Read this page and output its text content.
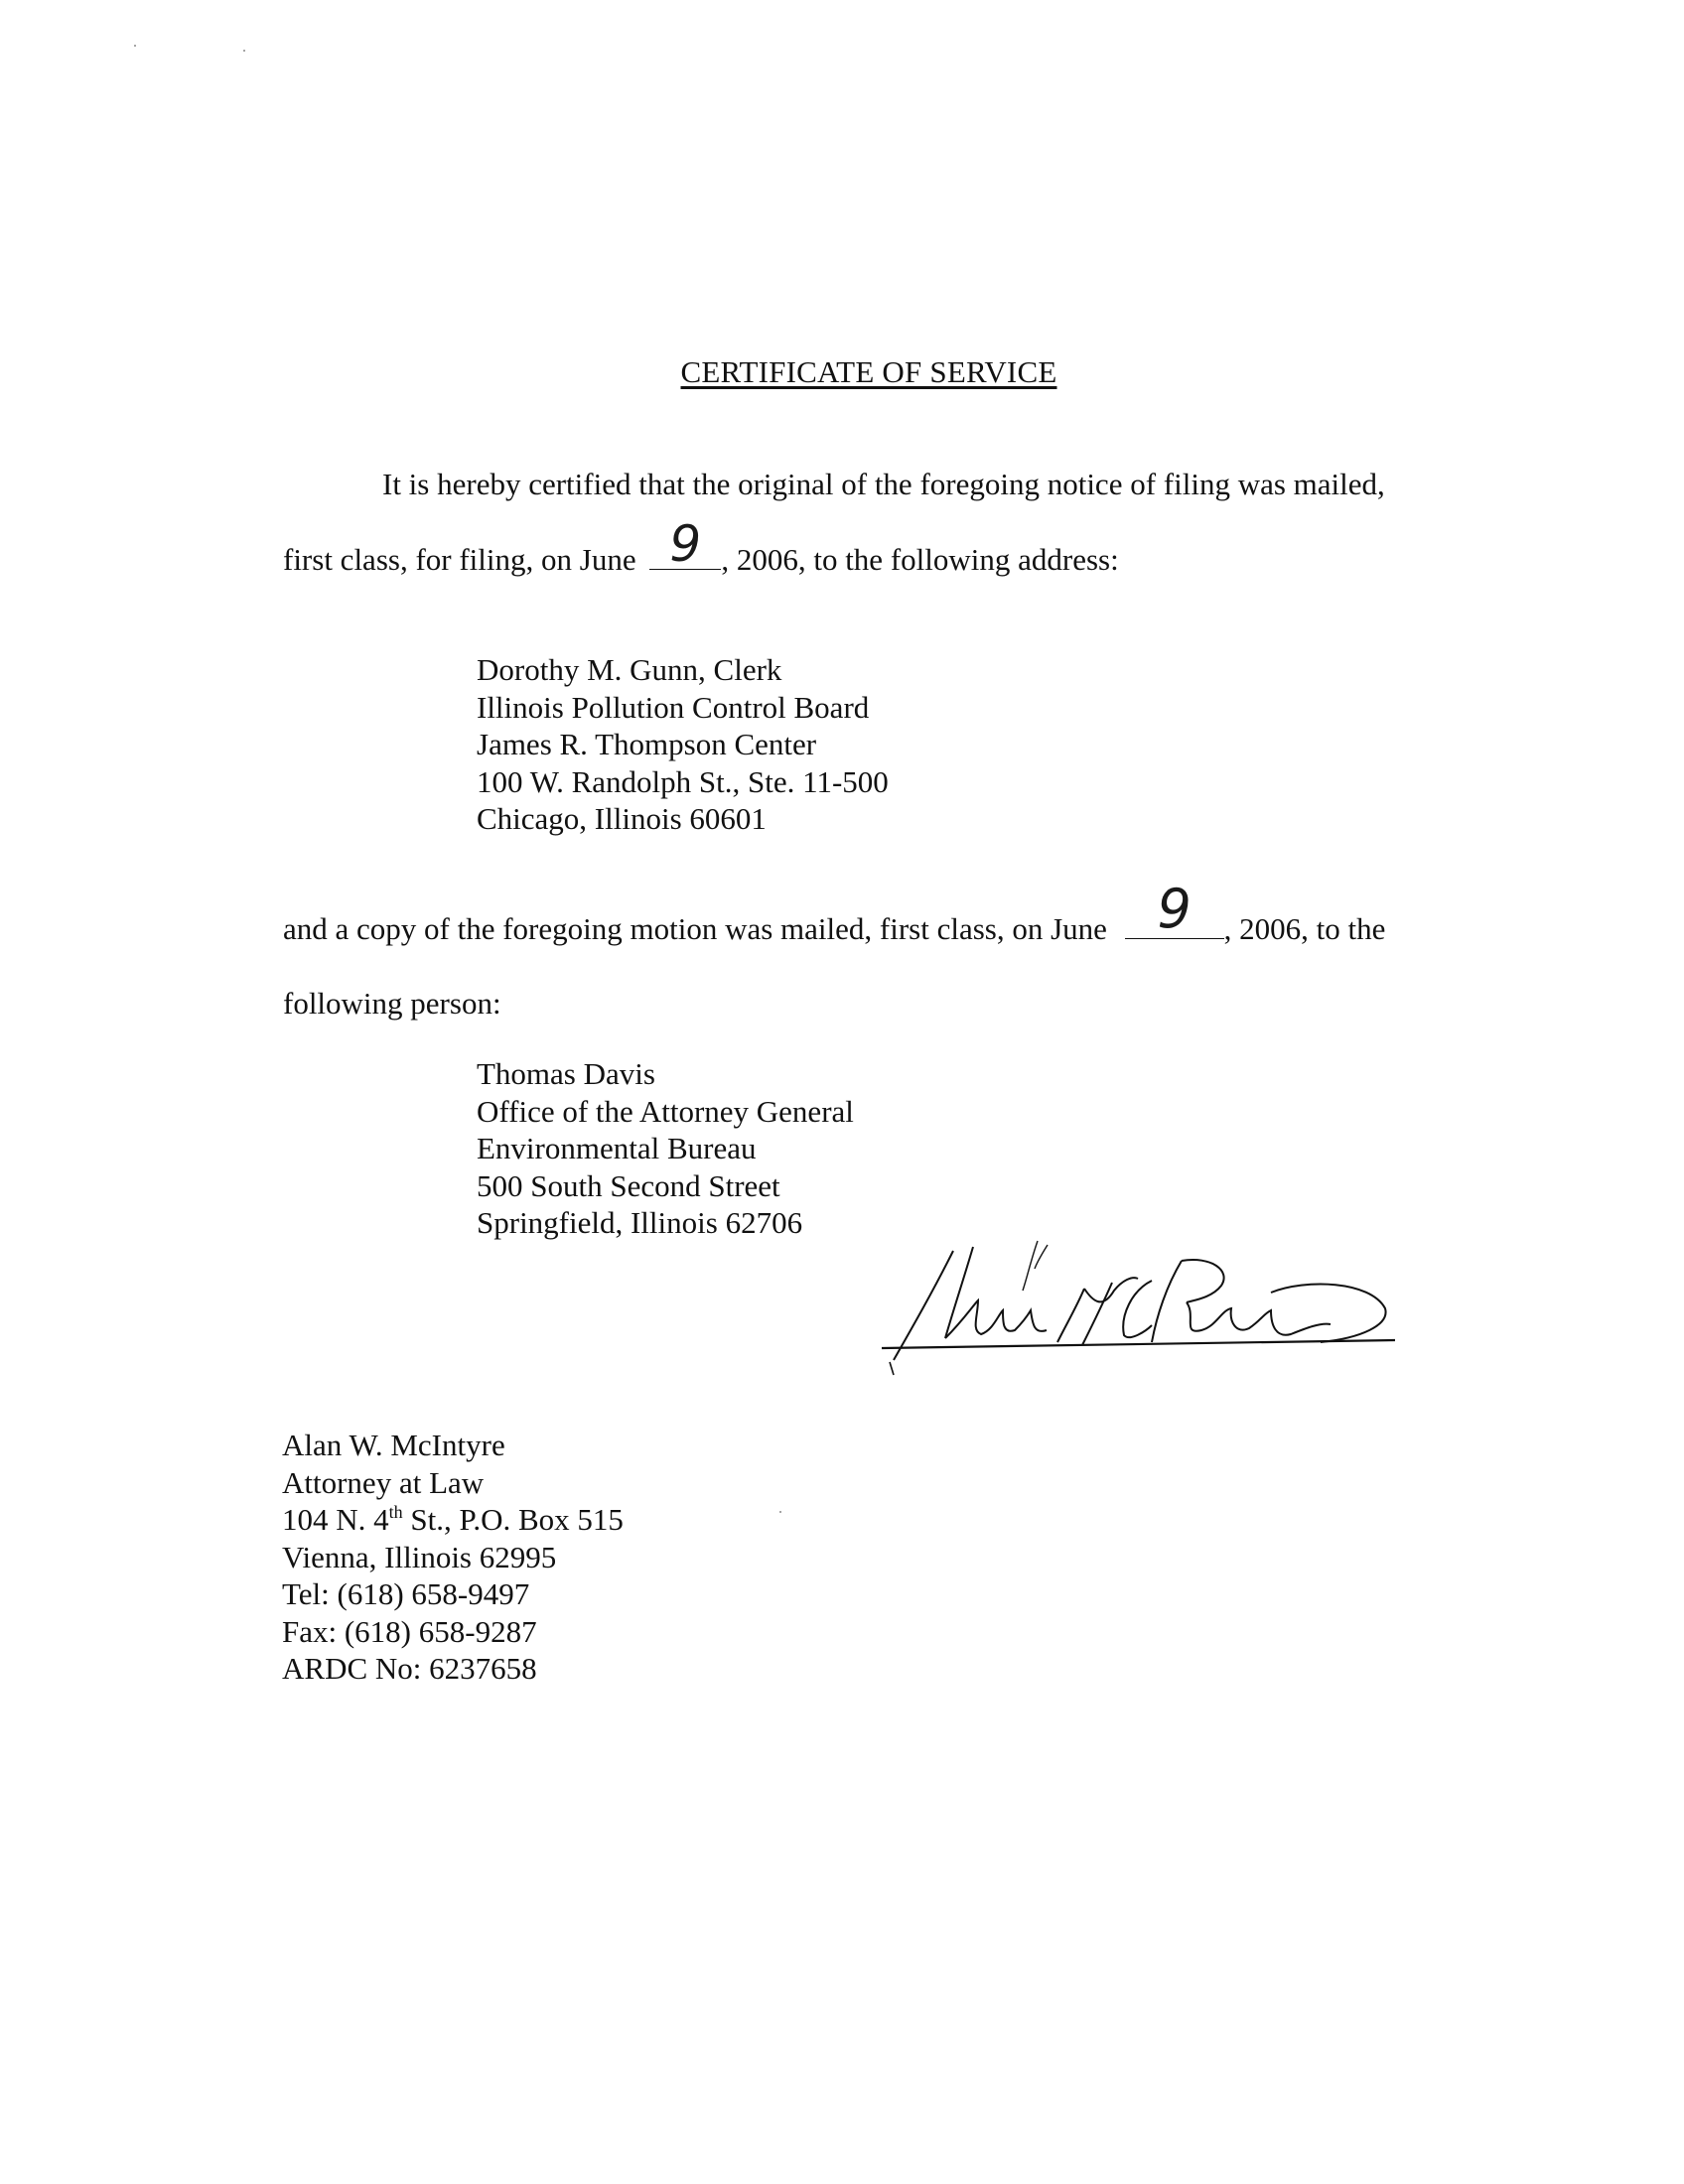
CERTIFICATE OF SERVICE
It is hereby certified that the original of the foregoing notice of filing was mailed,
first class, for filing, on June 9 , 2006, to the following address:
Dorothy M. Gunn, Clerk
Illinois Pollution Control Board
James R. Thompson Center
100 W. Randolph St., Ste. 11-500
Chicago, Illinois 60601
and a copy of the foregoing motion was mailed, first class, on June 9 , 2006, to the
following person:
Thomas Davis
Office of the Attorney General
Environmental Bureau
500 South Second Street
Springfield, Illinois 62706
Alan W. McIntyre
Attorney at Law
104 N. 4th St., P.O. Box 515
Vienna, Illinois 62995
Tel: (618) 658-9497
Fax: (618) 658-9287
ARDC No: 6237658
